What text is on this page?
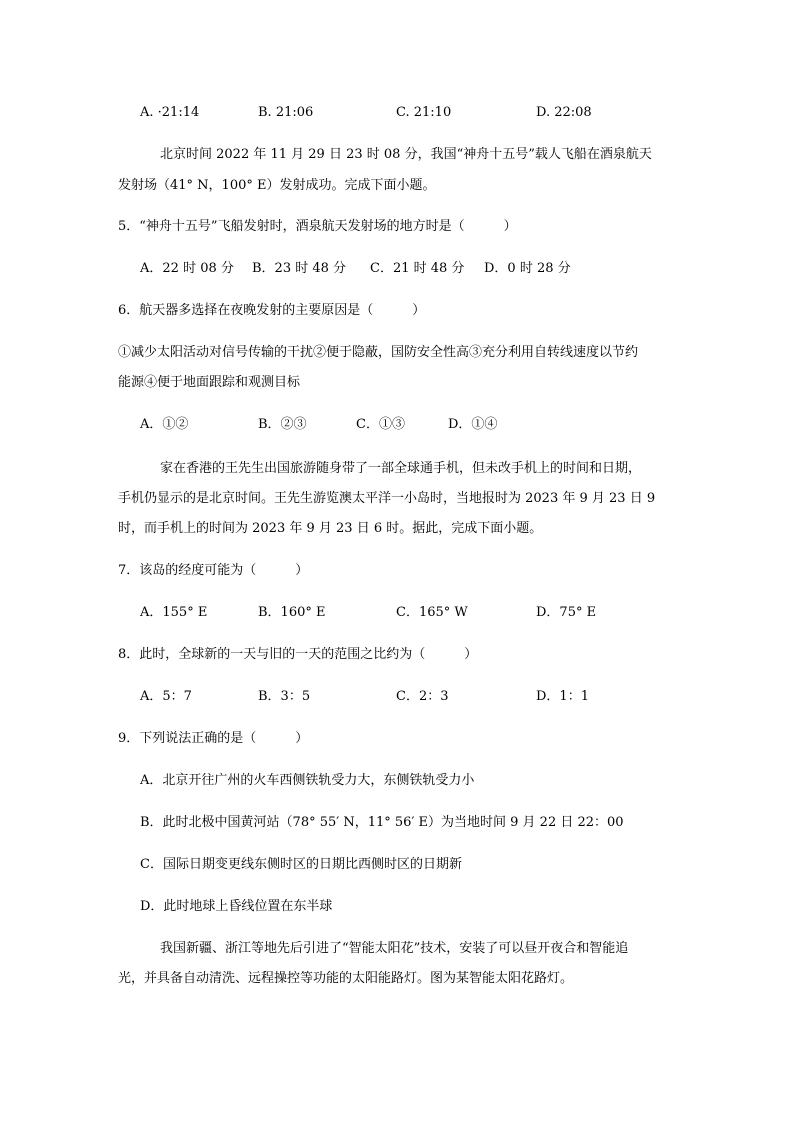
A. ·21:14	B. 21:06	C. 21:10	D. 22:08
北京时间 2022 年 11 月 29 日 23 时 08 分，我国“神舟十五号”载人飞船在酒泉航天
发射场（41° N，100° E）发射成功。完成下面小题。
5．“神舟十五号”飞船发射时，酒泉航天发射场的地方时是（　　　）
A．22 时 08 分 B．23 时 48 分 C．21 时 48 分 D．0 时 28 分
6．航天器多选择在夜晚发射的主要原因是（　　　）
①减少太阳活动对信号传输的干扰②便于隐蔽，国防安全性高③充分利用自转线速度以节约
能源④便于地面跟踪和观测目标
A．①②	B．②③	C．①③	D．①④
家在香港的王先生出国旅游随身带了一部全球通手机，但未改手机上的时间和日期，
手机仍显示的是北京时间。王先生游览澳太平洋一小岛时，当地报时为 2023 年 9 月 23 日 9
时，而手机上的时间为 2023 年 9 月 23 日 6 时。据此，完成下面小题。
7．该岛的经度可能为（　　　）
A．155° E	B．160° E	C．165° W	D．75° E
8．此时，全球新的一天与旧的一天的范围之比约为（　　　）
A．5：7	B．3：5	C．2：3	D．1：1
9．下列说法正确的是（　　　）
A．北京开往广州的火车西侧铁轨受力大，东侧铁轨受力小
B．此时北极中国黄河站（78° 55′ N，11° 56′ E）为当地时间 9 月 22 日 22：00
C．国际日期变更线东侧时区的日期比西侧时区的日期新
D．此时地球上昏线位置在东半球
我国新疆、浙江等地先后引进了“智能太阳花”技术，安装了可以昼开夜合和智能追
光，并具备自动清洗、远程操控等功能的太阳能路灯。图为某智能太阳花路灯。
